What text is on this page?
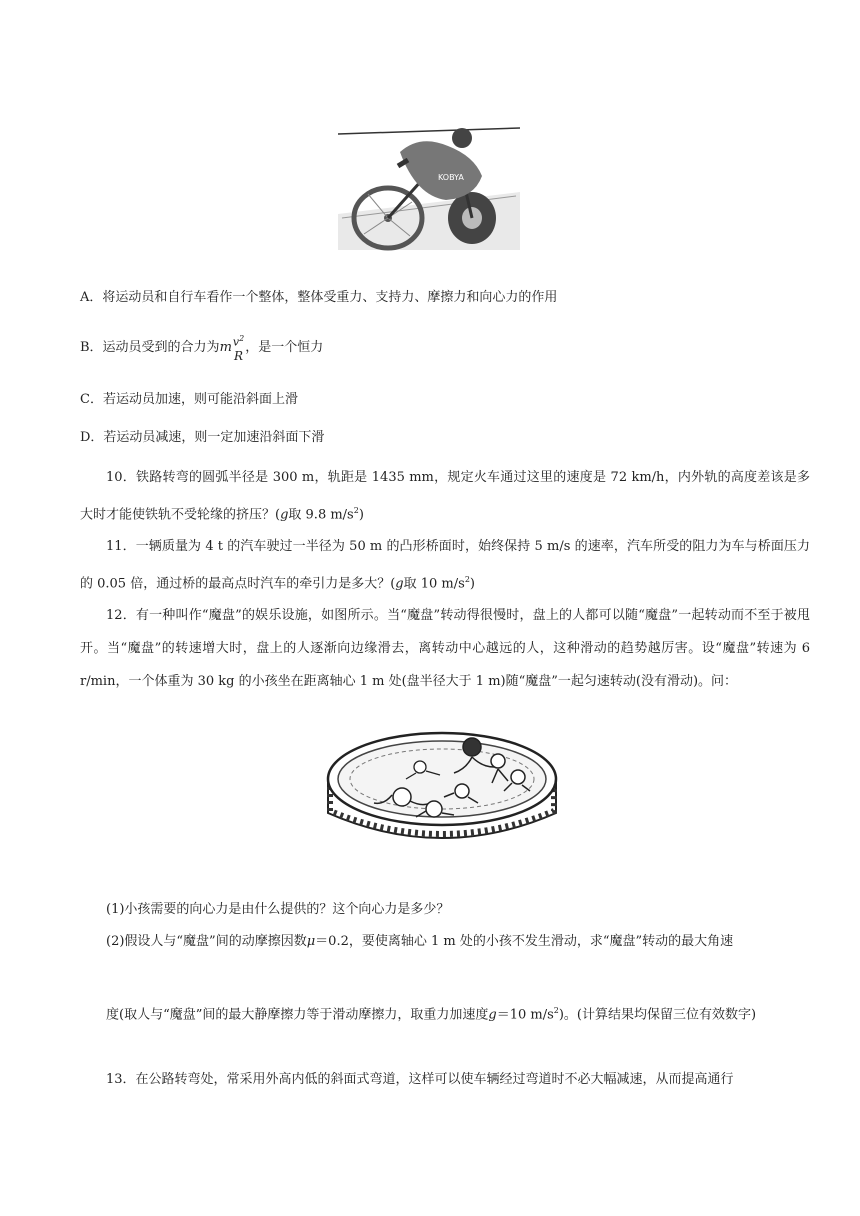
KOBYA
A．将运动员和自行车看作一个整体，整体受重力、支持力、摩擦力和向心力的作用
B．运动员受到的合力为m $v^2$
R
，是一个恒力
C．若运动员加速，则可能沿斜面上滑
D．若运动员减速，则一定加速沿斜面下滑
10．铁路转弯的圆弧半径是 300 m，轨距是 1435 mm，规定火车通过这里的速度是 72 km/h，内外轨的高度差该是多大时才能使铁轨不受轮缘的挤压？(g取 9.8 $m/s^2$)
11．一辆质量为 4 t 的汽车驶过一半径为 50 m 的凸形桥面时，始终保持 5 m/s 的速率，汽车所受的阻力为车与桥面压力的 0.05 倍，通过桥的最高点时汽车的牵引力是多大？(g取 10 $m/s^2$)
12．有一种叫作“魔盘”的娱乐设施，如图所示。当“魔盘”转动得很慢时，盘上的人都可以随“魔盘”一起转动而不至于被甩开。当“魔盘”的转速增大时，盘上的人逐渐向边缘滑去，离转动中心越远的人，这种滑动的趋势越厉害。设“魔盘”转速为 6 r/min，一个体重为 30 kg 的小孩坐在距离轴心 1 m 处(盘半径大于 1 m)随“魔盘”一起匀速转动(没有滑动)。问：
(1)小孩需要的向心力是由什么提供的？这个向心力是多少？
(2)假设人与“魔盘”间的动摩擦因数μ＝0.2，要使离轴心 1 m 处的小孩不发生滑动，求“魔盘”转动的最大角速
度(取人与“魔盘”间的最大静摩擦力等于滑动摩擦力，取重力加速度g＝10 $m/s^2$)。(计算结果均保留三位有效数字)
13．在公路转弯处，常采用外高内低的斜面式弯道，这样可以使车辆经过弯道时不必大幅减速，从而提高通行
